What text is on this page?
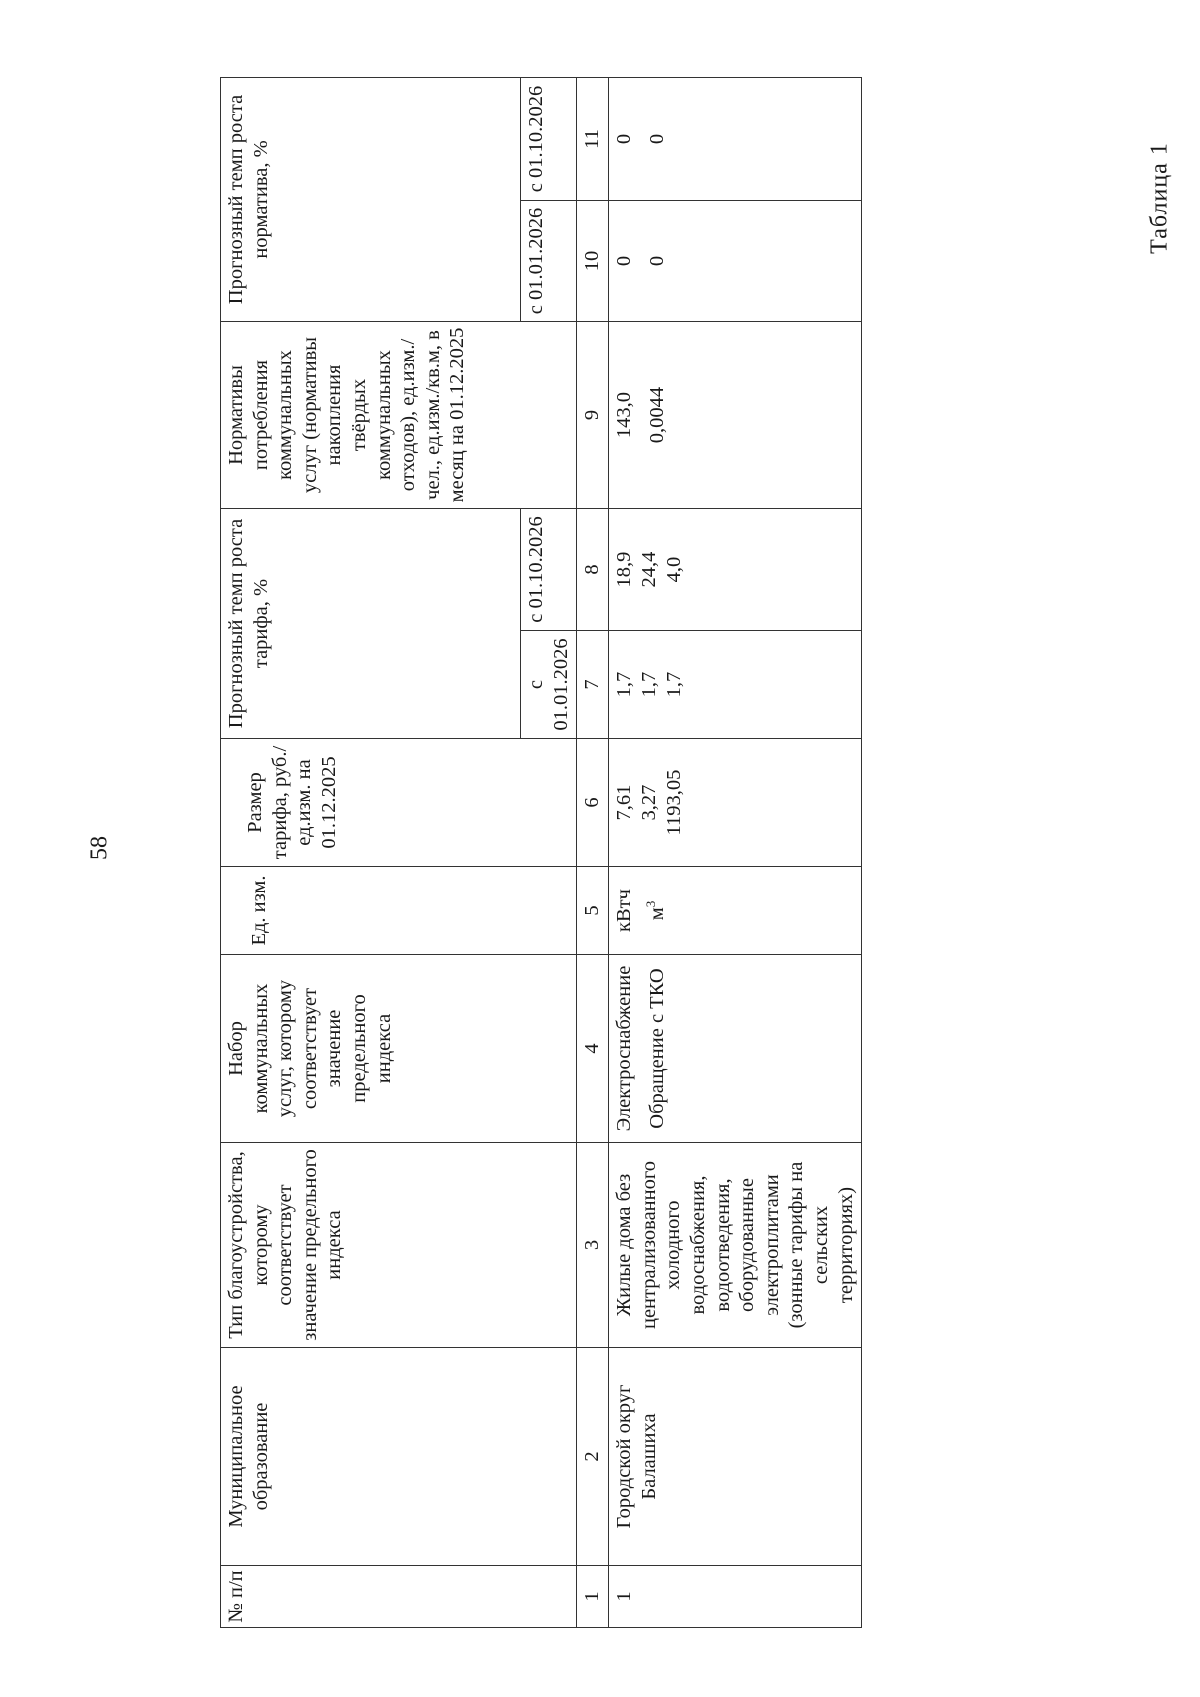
58
Таблица 1
№ п/п	Муниципальное образование	Тип благоустройства, которому соответствует значение предельного индекса	Набор коммунальных услуг, которому соответствует значение предельного индекса	Ед. изм.	Размер тарифа, руб./ед.изм. на 01.12.2025	Прогнозный темп роста тарифа, %		Нормативы потребления коммунальных услуг (нормативы накопления твёрдых коммунальных отходов), ед.изм./чел., ед.изм./кв.м, в месяц на 01.12.2025	Прогнозный темп роста норматива, %	
						с 01.01.2026	с 01.10.2026		с 01.01.2026	с 01.10.2026
1	2	3	4	5	6	7	8	9	10	11
1	Городской округ Балашиха	Жилые дома без централизованного холодного водоснабжения, водоотведения, оборудованные электроплитами (зонные тарифы на сельских территориях)	Электроснабжение Обращение с ТКО	кВтч $м^3$	7,61 3,27 1193,05	1,7 1,7 1,7	18,9 24,4 4,0	143,0 0,0044	0 0	0 0
